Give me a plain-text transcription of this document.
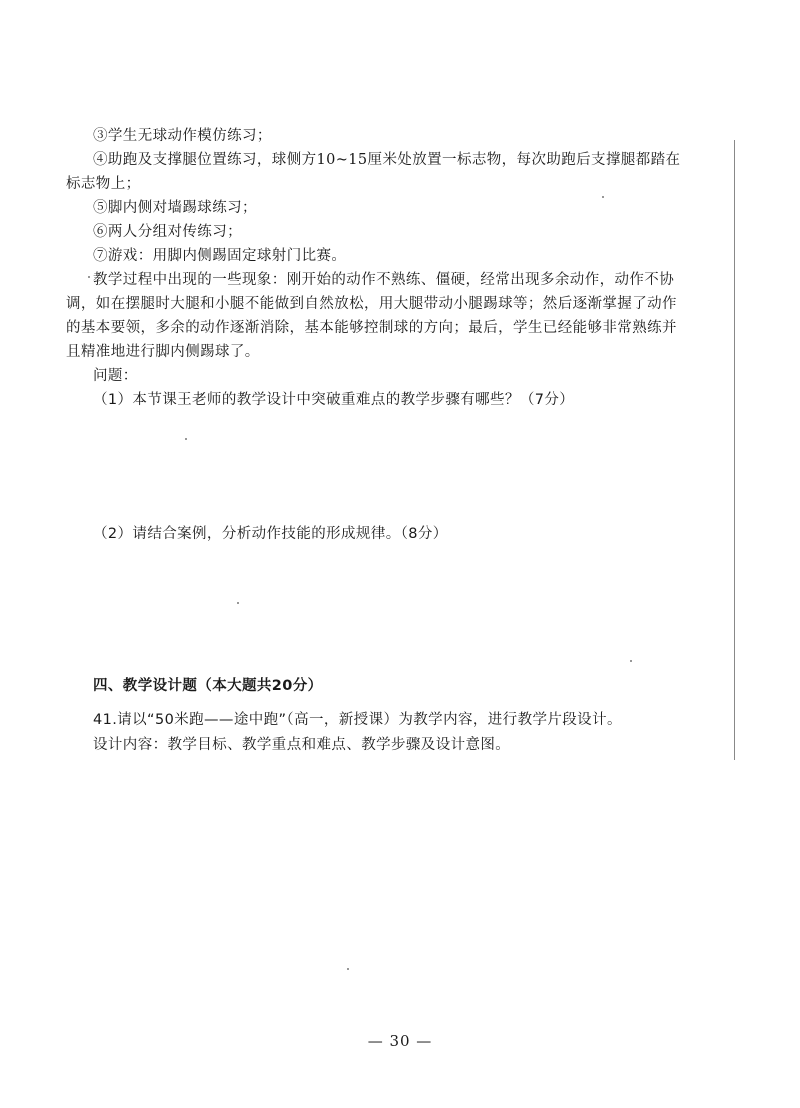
③学生无球动作模仿练习；
④助跑及支撑腿位置练习，球侧方10~15厘米处放置一标志物，每次助跑后支撑腿都踏在
标志物上；
⑤脚内侧对墙踢球练习；
⑥两人分组对传练习；
⑦游戏：用脚内侧踢固定球射门比赛。
教学过程中出现的一些现象：刚开始的动作不熟练、僵硬，经常出现多余动作，动作不协
调，如在摆腿时大腿和小腿不能做到自然放松，用大腿带动小腿踢球等；然后逐渐掌握了动作
的基本要领，多余的动作逐渐消除，基本能够控制球的方向；最后，学生已经能够非常熟练并
且精准地进行脚内侧踢球了。
问题：
（1）本节课王老师的教学设计中突破重难点的教学步骤有哪些？（7分）
（2）请结合案例，分析动作技能的形成规律。（8分）
四、教学设计题（本大题共20分）
41.请以“50米跑——途中跑”（高一，新授课）为教学内容，进行教学片段设计。
设计内容：教学目标、教学重点和难点、教学步骤及设计意图。
— 30 —
